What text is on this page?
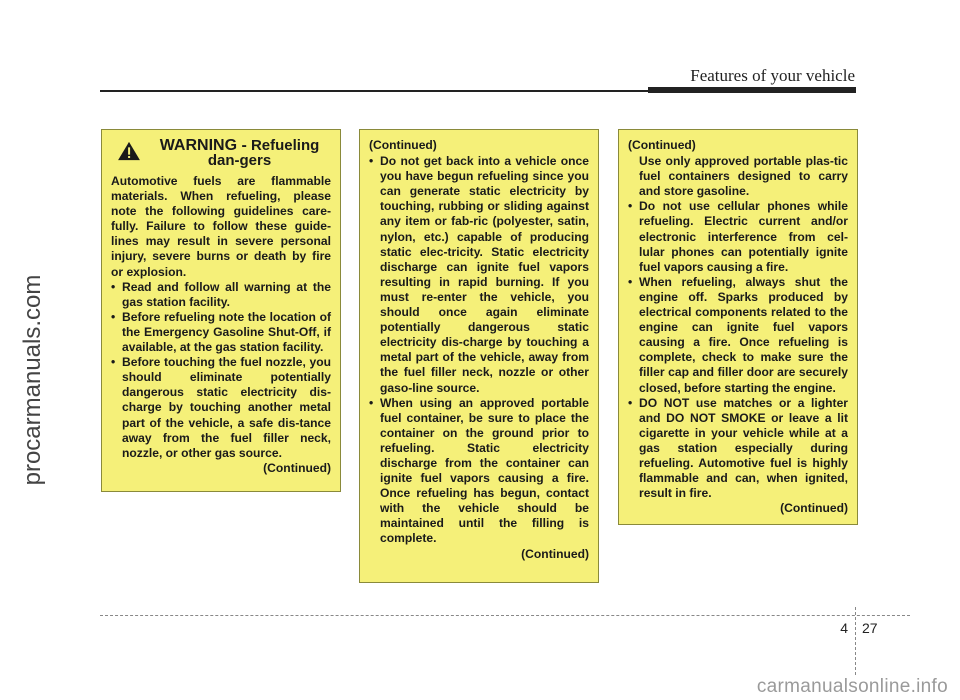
Features of your vehicle
procarmanuals.com
WARNING - Refueling dan-gers

Automotive fuels are flammable materials. When refueling, please note the following guidelines care-fully. Failure to follow these guide-lines may result in severe personal injury, severe burns or death by fire or explosion.

• Read and follow all warning at the gas station facility.
• Before refueling note the location of the Emergency Gasoline Shut-Off, if available, at the gas station facility.
• Before touching the fuel nozzle, you should eliminate potentially dangerous static electricity dis-charge by touching another metal part of the vehicle, a safe dis-tance away from the fuel filler neck, nozzle, or other gas source.
(Continued)
(Continued)
• Do not get back into a vehicle once you have begun refueling since you can generate static electricity by touching, rubbing or sliding against any item or fab-ric (polyester, satin, nylon, etc.) capable of producing static elec-tricity. Static electricity discharge can ignite fuel vapors resulting in rapid burning. If you must re-enter the vehicle, you should once again eliminate potentially dangerous static electricity dis-charge by touching a metal part of the vehicle, away from the fuel filler neck, nozzle or other gaso-line source.
• When using an approved portable fuel container, be sure to place the container on the ground prior to refueling. Static electricity discharge from the container can ignite fuel vapors causing a fire. Once refueling has begun, contact with the vehicle should be maintained until the filling is complete.
(Continued)
(Continued)
Use only approved portable plas-tic fuel containers designed to carry and store gasoline.
• Do not use cellular phones while refueling. Electric current and/or electronic interference from cel-lular phones can potentially ignite fuel vapors causing a fire.
• When refueling, always shut the engine off. Sparks produced by electrical components related to the engine can ignite fuel vapors causing a fire. Once refueling is complete, check to make sure the filler cap and filler door are securely closed, before starting the engine.
• DO NOT use matches or a lighter and DO NOT SMOKE or leave a lit cigarette in your vehicle while at a gas station especially during refueling. Automotive fuel is highly flammable and can, when ignited, result in fire.
(Continued)
4 27
carmanualsonline.info
